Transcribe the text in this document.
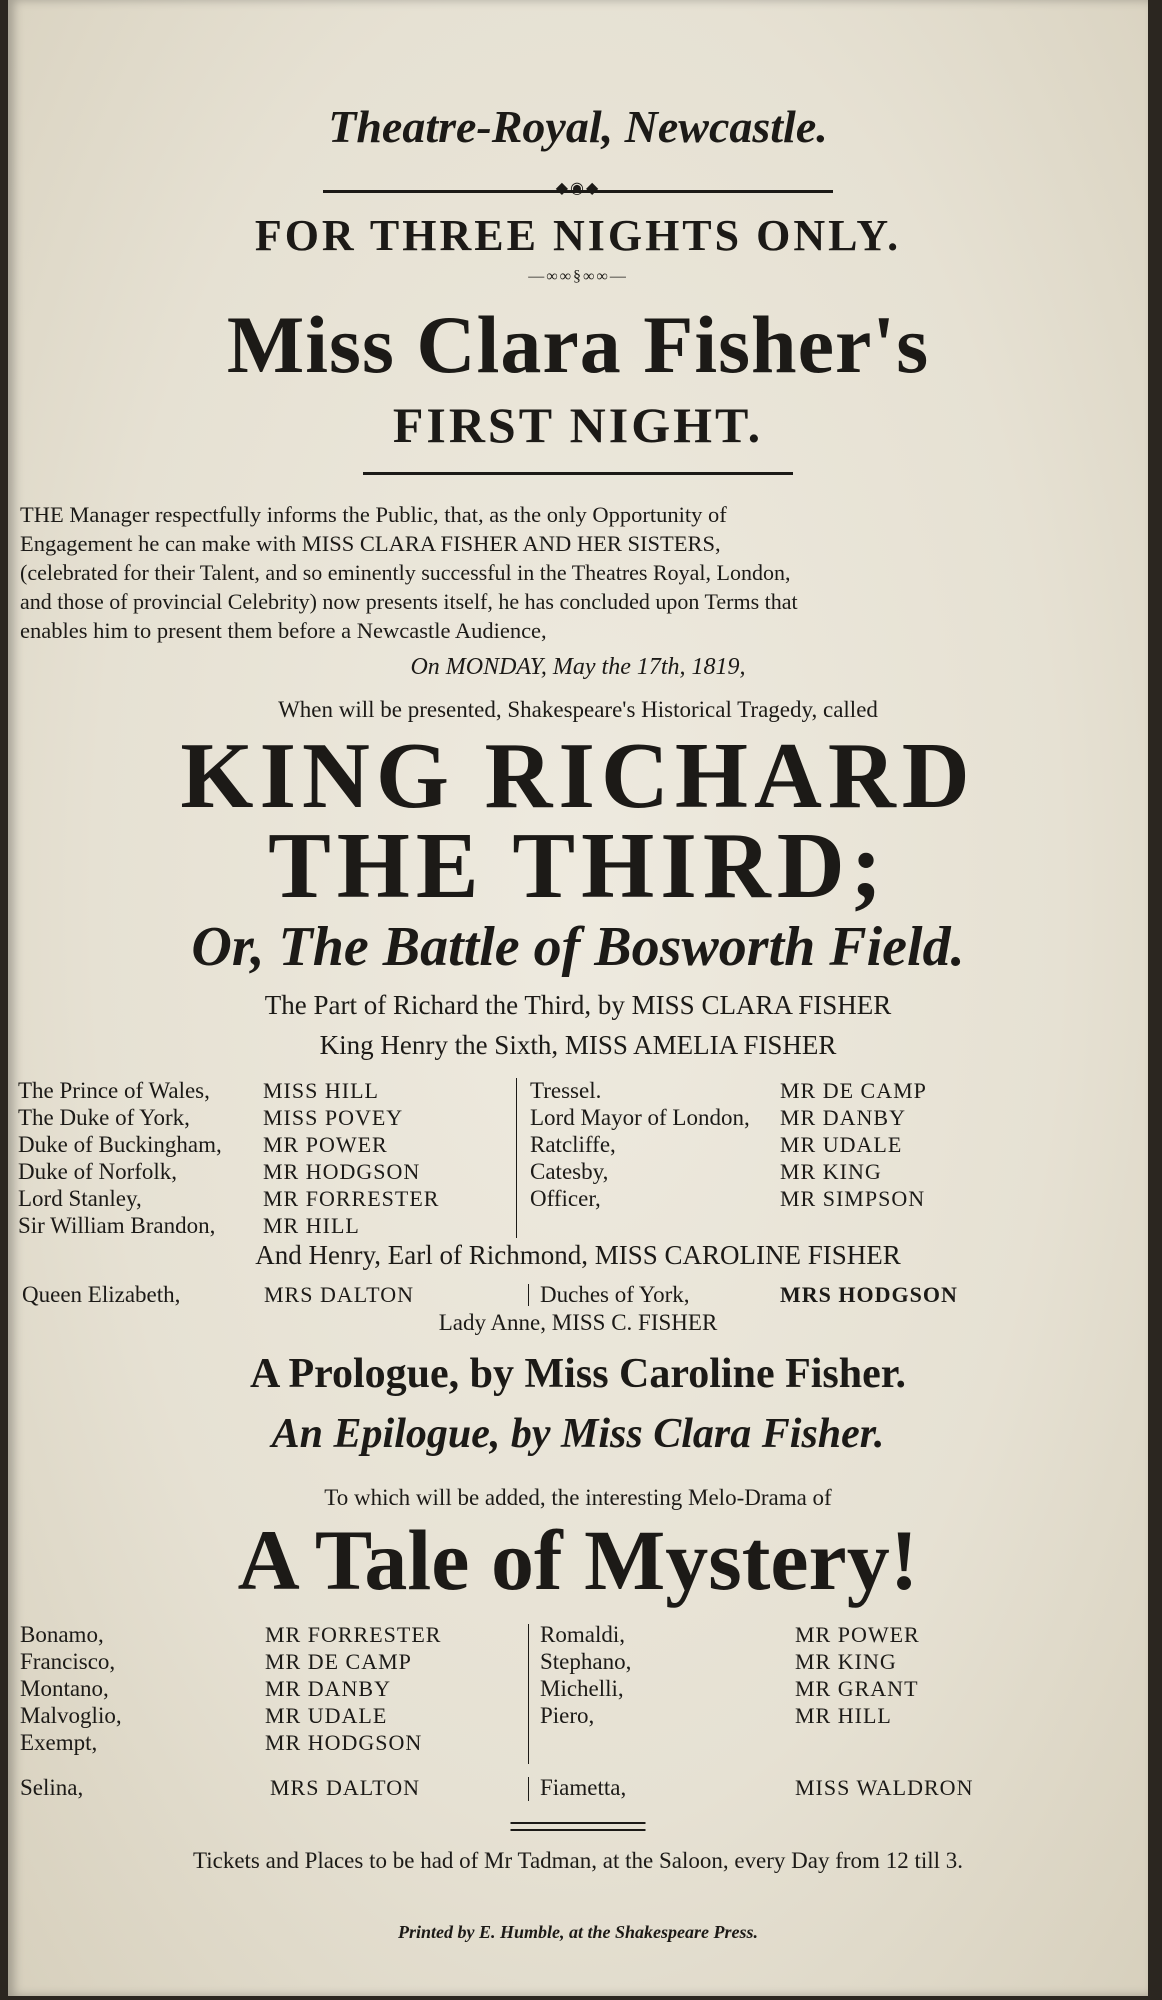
Theatre-Royal, Newcastle.
◆◉◆
FOR THREE NIGHTS ONLY.
—∞∞§∞∞—
Miss Clara Fisher's
FIRST NIGHT.
THE Manager respectfully informs the Public, that, as the only Opportunity of
Engagement he can make with MISS CLARA FISHER AND HER SISTERS,
(celebrated for their Talent, and so eminently successful in the Theatres Royal, London,
and those of provincial Celebrity) now presents itself, he has concluded upon Terms that
enables him to present them before a Newcastle Audience,
On MONDAY, May the 17th, 1819,
When will be presented, Shakespeare's Historical Tragedy, called
KING RICHARD
THE THIRD;
Or, The Battle of Bosworth Field.
The Part of Richard the Third, by MISS CLARA FISHER
King Henry the Sixth, MISS AMELIA FISHER
The Prince of Wales, MISS HILL
The Duke of York,	MISS POVEY
Duke of Buckingham, MR POWER
Duke of Norfolk,	MR HODGSON
Lord Stanley,	MR FORRESTER
Sir William Brandon, MR HILL
Tressel.	MR DE CAMP
Lord Mayor of London, MR DANBY
Ratcliffe,	MR UDALE
Catesby,	MR KING
Officer,	MR SIMPSON
And Henry, Earl of Richmond, MISS CAROLINE FISHER
Queen Elizabeth,	MRS DALTON	Duches of York,	MRS HODGSON
Lady Anne, MISS C. FISHER
A Prologue, by Miss Caroline Fisher.
An Epilogue, by Miss Clara Fisher.
To which will be added, the interesting Melo-Drama of
A Tale of Mystery!
Bonamo,	MR FORRESTER
Francisco,	MR DE CAMP
Montano,	MR DANBY
Malvoglio,	MR UDALE
Exempt,	MR HODGSON
Romaldi,	MR POWER
Stephano,	MR KING
Michelli,	MR GRANT
Piero,	MR HILL
Selina,	MRS DALTON	Fiametta,	MISS WALDRON
Tickets and Places to be had of Mr Tadman, at the Saloon, every Day from 12 till 3.
Printed by E. Humble, at the Shakespeare Press.
